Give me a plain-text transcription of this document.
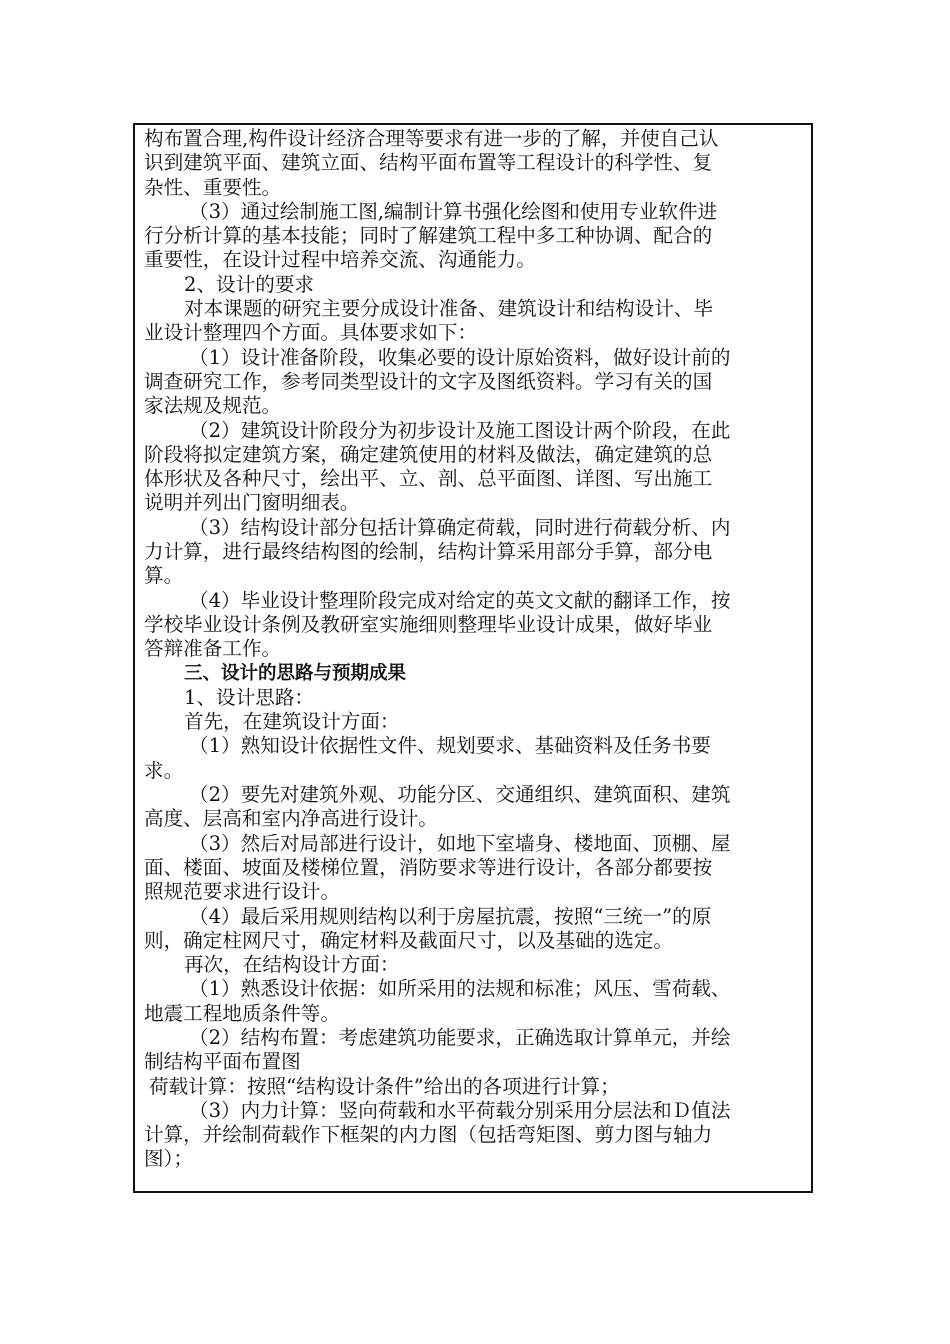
构布置合理,构件设计经济合理等要求有进一步的了解，并使自己认
识到建筑平面、建筑立面、结构平面布置等工程设计的科学性、复
杂性、重要性。
（3）通过绘制施工图,编制计算书强化绘图和使用专业软件进
行分析计算的基本技能；同时了解建筑工程中多工种协调、配合的
重要性，在设计过程中培养交流、沟通能力。
2、设计的要求
对本课题的研究主要分成设计准备、建筑设计和结构设计、毕
业设计整理四个方面。具体要求如下：
（1）设计准备阶段，收集必要的设计原始资料，做好设计前的
调查研究工作，参考同类型设计的文字及图纸资料。学习有关的国
家法规及规范。
（2）建筑设计阶段分为初步设计及施工图设计两个阶段，在此
阶段将拟定建筑方案，确定建筑使用的材料及做法，确定建筑的总
体形状及各种尺寸，绘出平、立、剖、总平面图、详图、写出施工
说明并列出门窗明细表。
（3）结构设计部分包括计算确定荷载，同时进行荷载分析、内
力计算，进行最终结构图的绘制，结构计算采用部分手算，部分电
算。
（4）毕业设计整理阶段完成对给定的英文文献的翻译工作，按
学校毕业设计条例及教研室实施细则整理毕业设计成果，做好毕业
答辩准备工作。
三、设计的思路与预期成果
1、设计思路：
首先，在建筑设计方面：
（1）熟知设计依据性文件、规划要求、基础资料及任务书要
求。
（2）要先对建筑外观、功能分区、交通组织、建筑面积、建筑
高度、层高和室内净高进行设计。
（3）然后对局部进行设计，如地下室墙身、楼地面、顶棚、屋
面、楼面、坡面及楼梯位置，消防要求等进行设计，各部分都要按
照规范要求进行设计。
（4）最后采用规则结构以利于房屋抗震，按照“三统一”的原
则，确定柱网尺寸，确定材料及截面尺寸，以及基础的选定。
再次，在结构设计方面：
（1）熟悉设计依据：如所采用的法规和标准；风压、雪荷载、
地震工程地质条件等。
（2）结构布置：考虑建筑功能要求，正确选取计算单元，并绘
制结构平面布置图
荷载计算：按照“结构设计条件”给出的各项进行计算；
（3）内力计算：竖向荷载和水平荷载分别采用分层法和Ｄ值法
计算，并绘制荷载作下框架的内力图（包括弯矩图、剪力图与轴力
图）；
